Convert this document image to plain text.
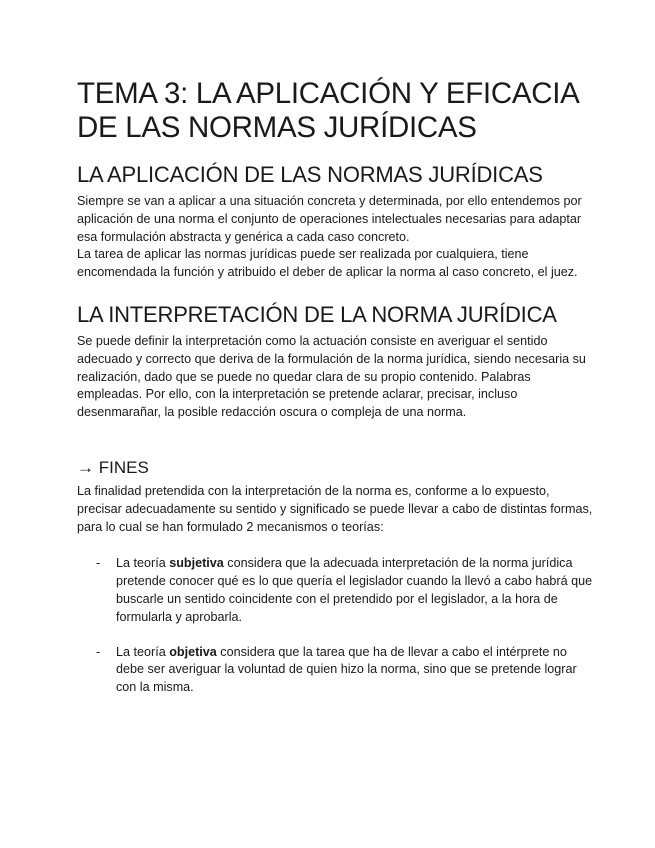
TEMA 3: LA APLICACIÓN Y EFICACIA DE LAS NORMAS JURÍDICAS
LA APLICACIÓN DE LAS NORMAS JURÍDICAS

Siempre se van a aplicar a una situación concreta y determinada, por ello entendemos por aplicación de una norma el conjunto de operaciones intelectuales necesarias para adaptar esa formulación abstracta y genérica a cada caso concreto.

La tarea de aplicar las normas jurídicas puede ser realizada por cualquiera, tiene encomendada la función y atribuido el deber de aplicar la norma al caso concreto, el juez.

LA INTERPRETACIÓN DE LA NORMA JURÍDICA

Se puede definir la interpretación como la actuación consiste en averiguar el sentido adecuado y correcto que deriva de la formulación de la norma jurídica, siendo necesaria su realización, dado que se puede no quedar clara de su propio contenido. Palabras empleadas. Por ello, con la interpretación se pretende aclarar, precisar, incluso desenmarañar, la posible redacción oscura o compleja de una norma.

→ FINES

La finalidad pretendida con la interpretación de la norma es, conforme a lo expuesto, precisar adecuadamente su sentido y significado se puede llevar a cabo de distintas formas, para lo cual se han formulado 2 mecanismos o teorías:

- La teoría subjetiva considera que la adecuada interpretación de la norma jurídica pretende conocer qué es lo que quería el legislador cuando la llevó a cabo habrá que buscarle un sentido coincidente con el pretendido por el legislador, a la hora de formularla y aprobarla.
- La teoría objetiva considera que la tarea que ha de llevar a cabo el intérprete no debe ser averiguar la voluntad de quien hizo la norma, sino que se pretende lograr con la misma.
